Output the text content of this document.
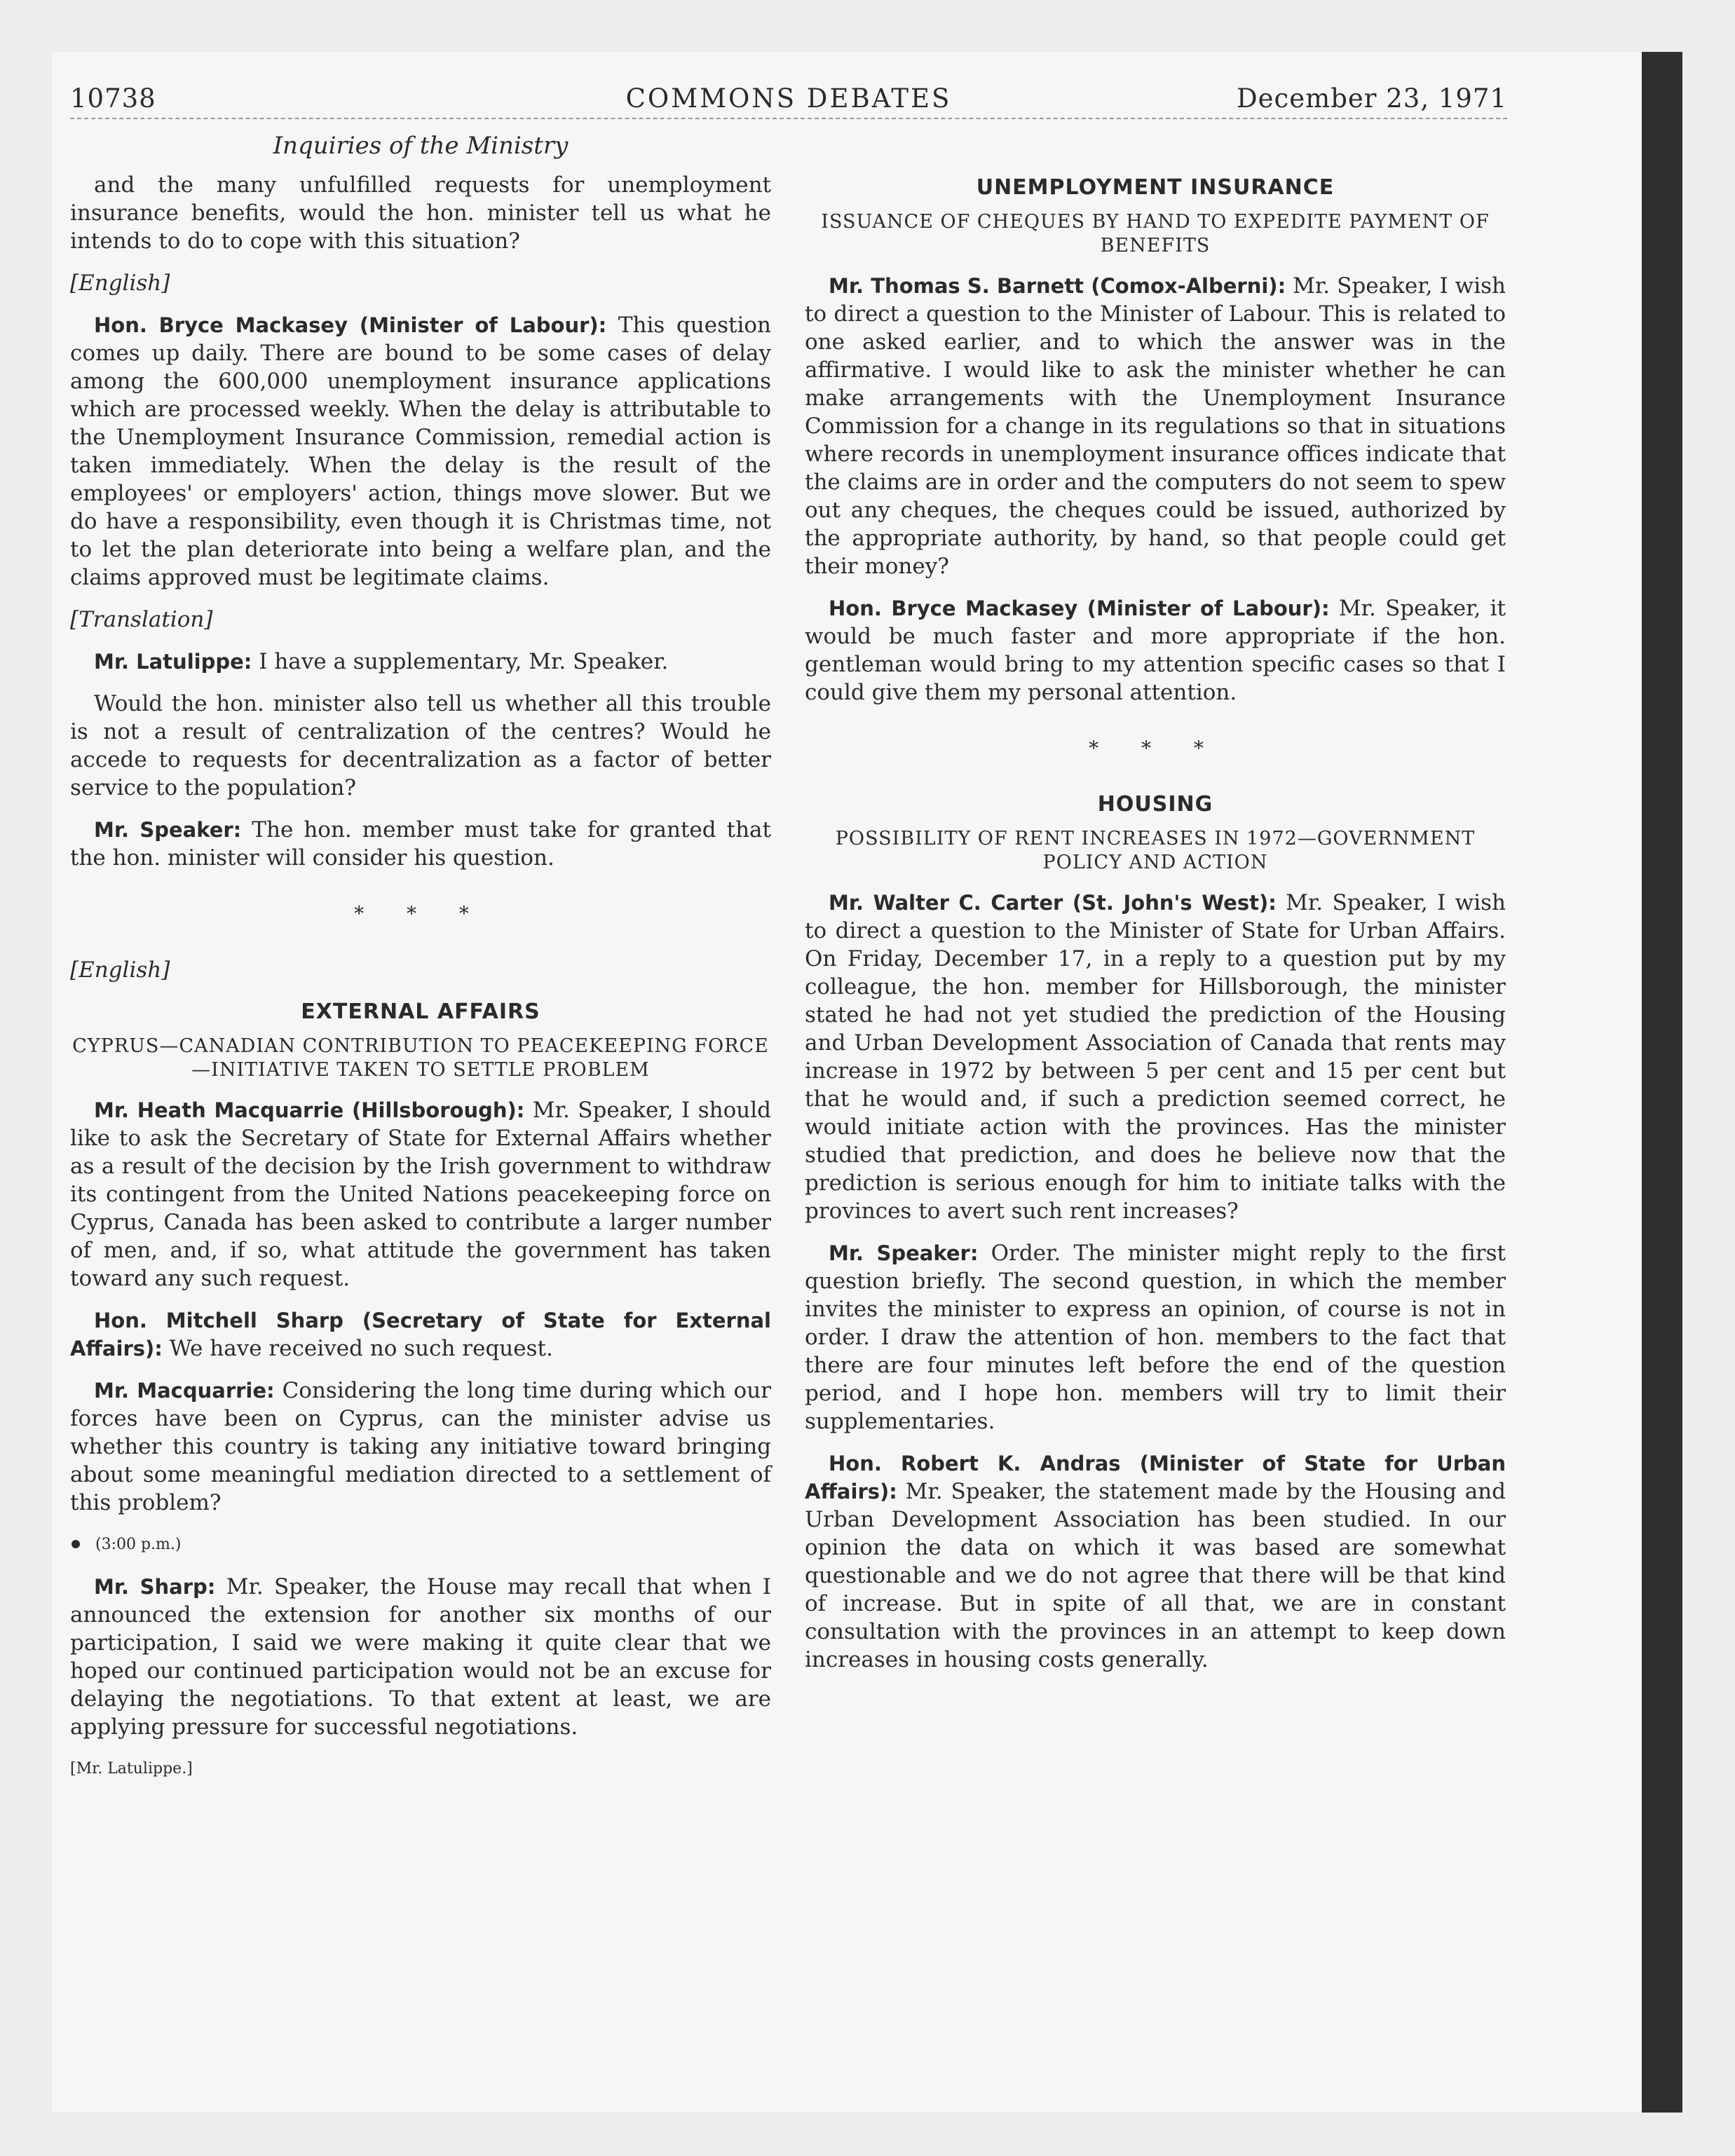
10738	COMMONS DEBATES	December 23, 1971
Inquiries of the Ministry

and the many unfulfilled requests for unemployment insurance benefits, would the hon. minister tell us what he intends to do to cope with this situation?

[English]

Hon. Bryce Mackasey (Minister of Labour): This question comes up daily. There are bound to be some cases of delay among the 600,000 unemployment insurance applications which are processed weekly. When the delay is attributable to the Unemployment Insurance Commission, remedial action is taken immediately. When the delay is the result of the employees' or employers' action, things move slower. But we do have a responsibility, even though it is Christmas time, not to let the plan deteriorate into being a welfare plan, and the claims approved must be legitimate claims.

[Translation]

Mr. Latulippe: I have a supplementary, Mr. Speaker.

Would the hon. minister also tell us whether all this trouble is not a result of centralization of the centres? Would he accede to requests for decentralization as a factor of better service to the population?

Mr. Speaker: The hon. member must take for granted that the hon. minister will consider his question.

* * *

[English]

EXTERNAL AFFAIRS
CYPRUS—CANADIAN CONTRIBUTION TO PEACEKEEPING FORCE—INITIATIVE TAKEN TO SETTLE PROBLEM

Mr. Heath Macquarrie (Hillsborough): Mr. Speaker, I should like to ask the Secretary of State for External Affairs whether as a result of the decision by the Irish government to withdraw its contingent from the United Nations peacekeeping force on Cyprus, Canada has been asked to contribute a larger number of men, and, if so, what attitude the government has taken toward any such request.

Hon. Mitchell Sharp (Secretary of State for External Affairs): We have received no such request.

Mr. Macquarrie: Considering the long time during which our forces have been on Cyprus, can the minister advise us whether this country is taking any initiative toward bringing about some meaningful mediation directed to a settlement of this problem?

(3:00 p.m.)

Mr. Sharp: Mr. Speaker, the House may recall that when I announced the extension for another six months of our participation, I said we were making it quite clear that we hoped our continued participation would not be an excuse for delaying the negotiations. To that extent at least, we are applying pressure for successful negotiations.

[Mr. Latulippe.]
UNEMPLOYMENT INSURANCE
ISSUANCE OF CHEQUES BY HAND TO EXPEDITE PAYMENT OF BENEFITS

Mr. Thomas S. Barnett (Comox-Alberni): Mr. Speaker, I wish to direct a question to the Minister of Labour. This is related to one asked earlier, and to which the answer was in the affirmative. I would like to ask the minister whether he can make arrangements with the Unemployment Insurance Commission for a change in its regulations so that in situations where records in unemployment insurance offices indicate that the claims are in order and the computers do not seem to spew out any cheques, the cheques could be issued, authorized by the appropriate authority, by hand, so that people could get their money?

Hon. Bryce Mackasey (Minister of Labour): Mr. Speaker, it would be much faster and more appropriate if the hon. gentleman would bring to my attention specific cases so that I could give them my personal attention.

* * *
HOUSING
POSSIBILITY OF RENT INCREASES IN 1972—GOVERNMENT POLICY AND ACTION

Mr. Walter C. Carter (St. John's West): Mr. Speaker, I wish to direct a question to the Minister of State for Urban Affairs. On Friday, December 17, in a reply to a question put by my colleague, the hon. member for Hillsborough, the minister stated he had not yet studied the prediction of the Housing and Urban Development Association of Canada that rents may increase in 1972 by between 5 per cent and 15 per cent but that he would and, if such a prediction seemed correct, he would initiate action with the provinces. Has the minister studied that prediction, and does he believe now that the prediction is serious enough for him to initiate talks with the provinces to avert such rent increases?

Mr. Speaker: Order. The minister might reply to the first question briefly. The second question, in which the member invites the minister to express an opinion, of course is not in order. I draw the attention of hon. members to the fact that there are four minutes left before the end of the question period, and I hope hon. members will try to limit their supplementaries.

Hon. Robert K. Andras (Minister of State for Urban Affairs): Mr. Speaker, the statement made by the Housing and Urban Development Association has been studied. In our opinion the data on which it was based are somewhat questionable and we do not agree that there will be that kind of increase. But in spite of all that, we are in constant consultation with the provinces in an attempt to keep down increases in housing costs generally.
